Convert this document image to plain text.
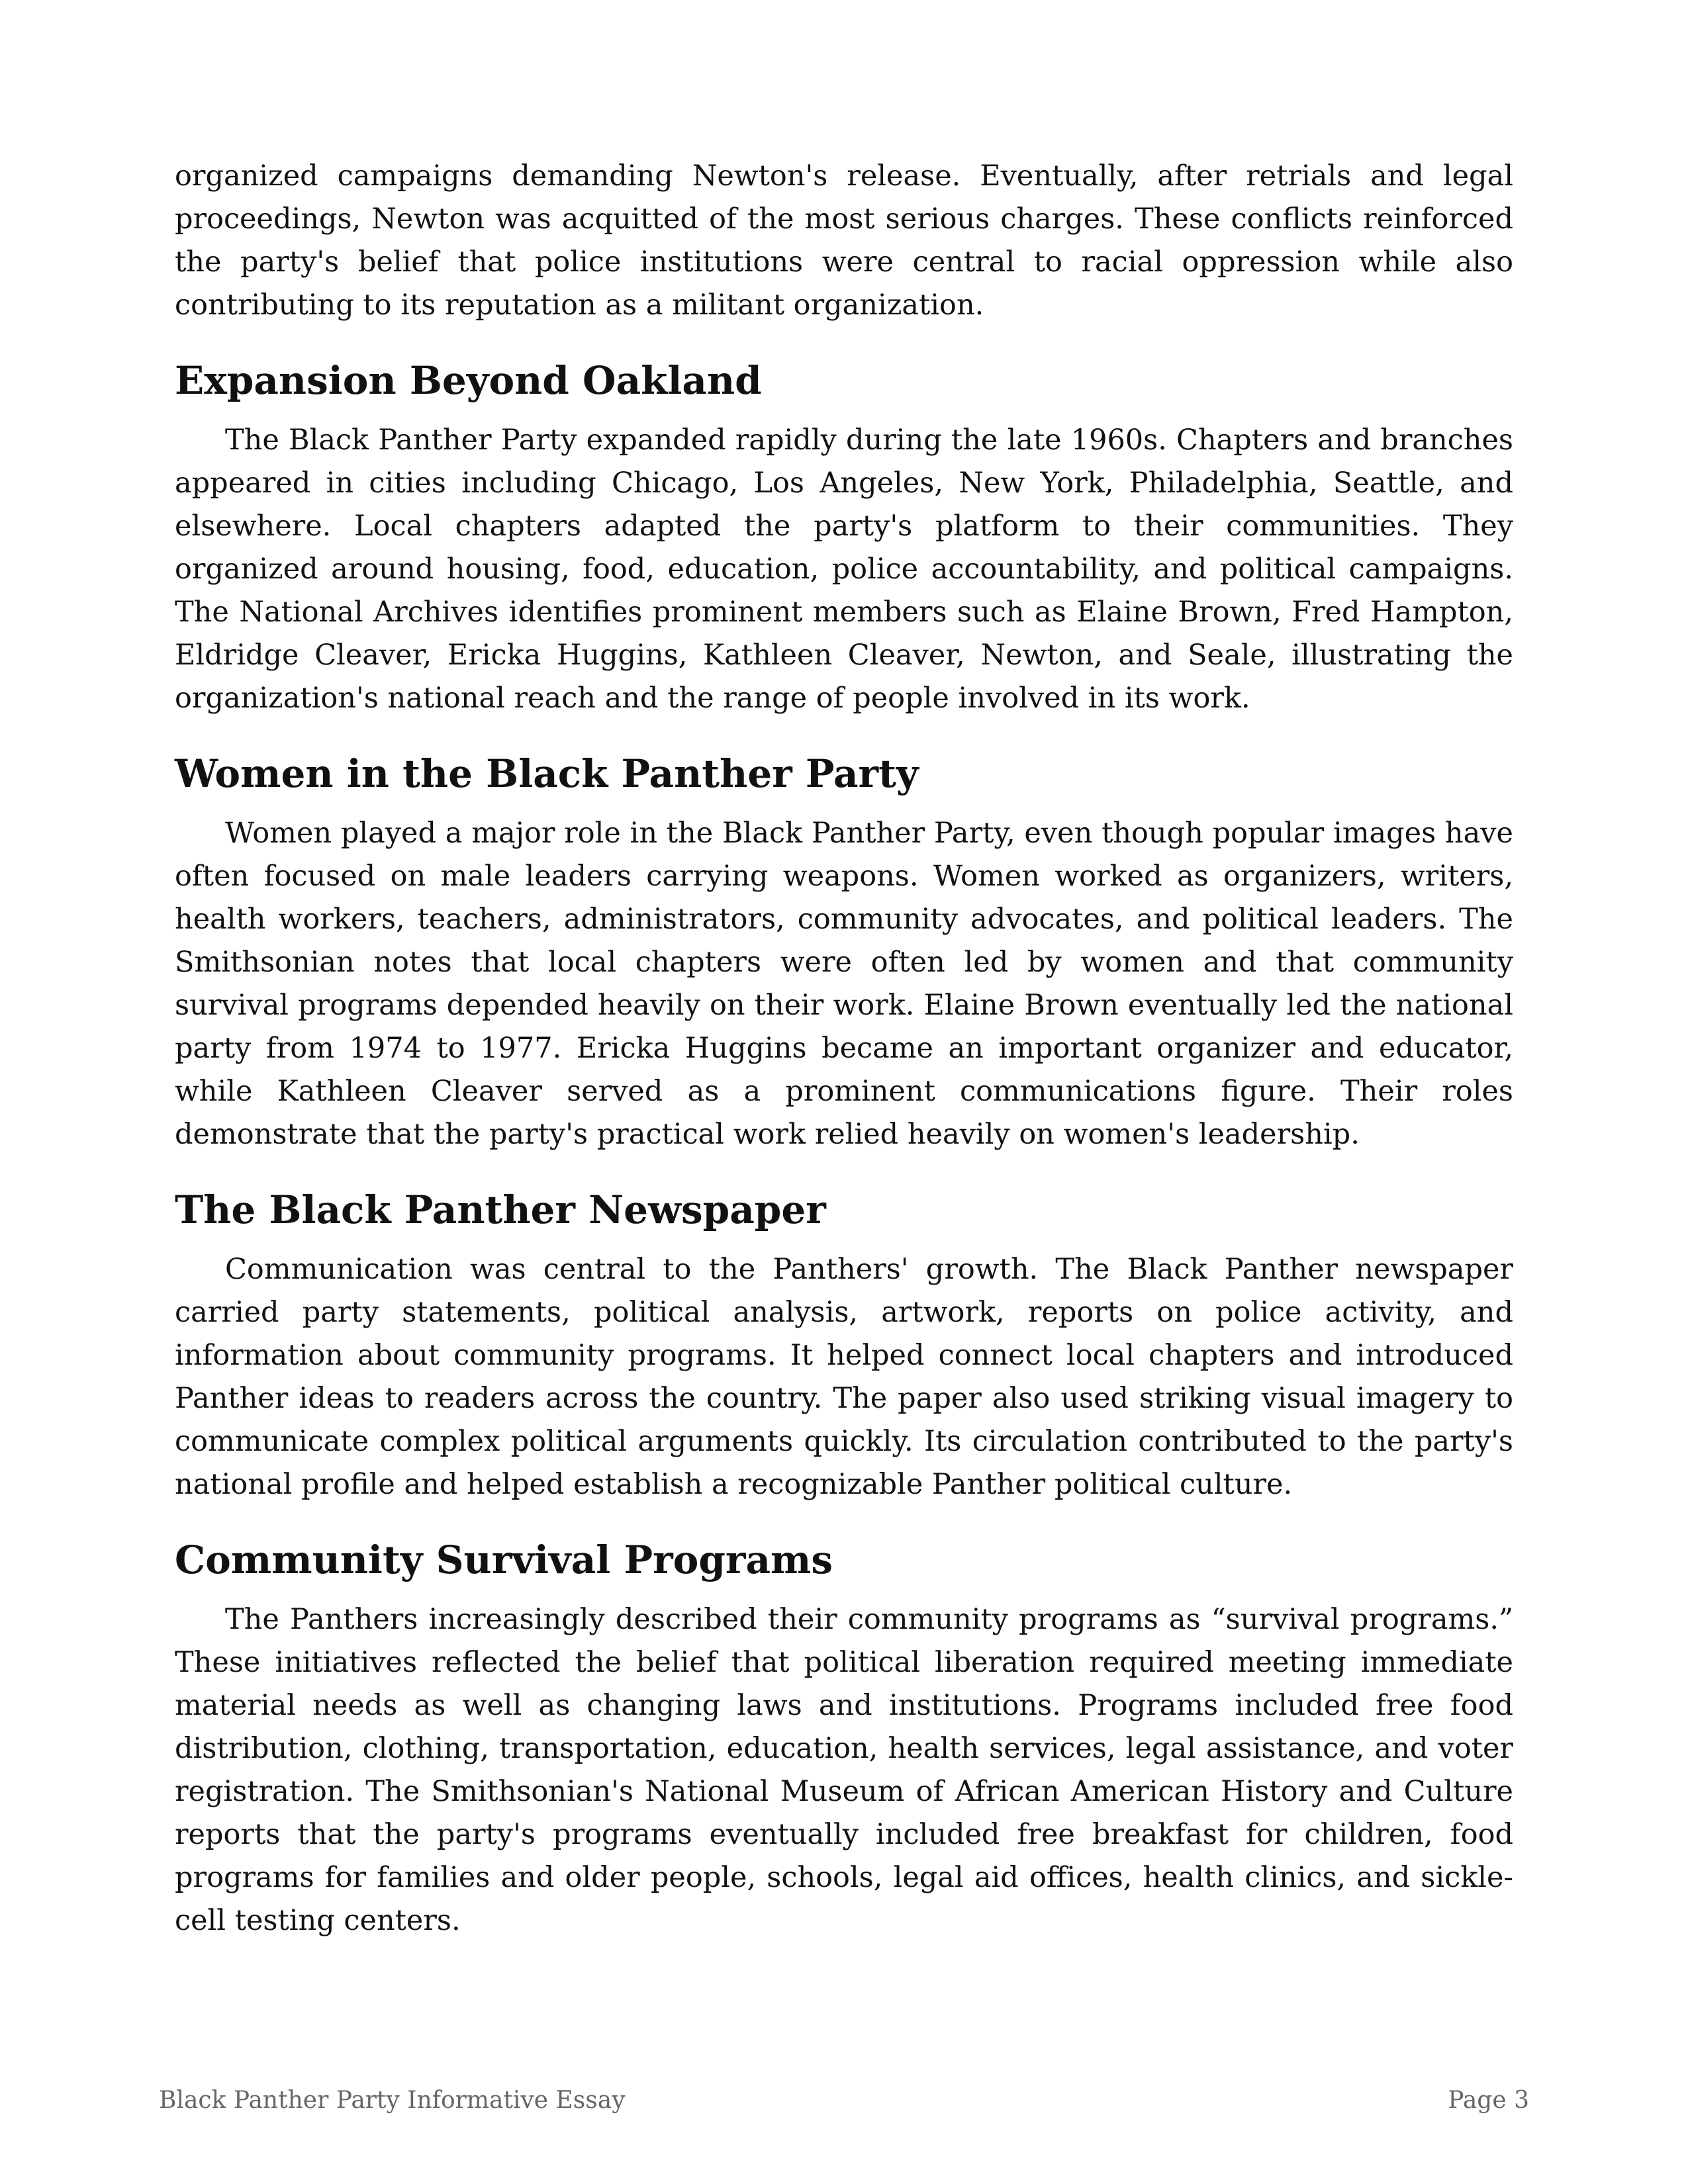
organized campaigns demanding Newton's release. Eventually, after retrials and legal proceedings, Newton was acquitted of the most serious charges. These conflicts reinforced the party's belief that police institutions were central to racial oppression while also contributing to its reputation as a militant organization.

Expansion Beyond Oakland

The Black Panther Party expanded rapidly during the late 1960s. Chapters and branches appeared in cities including Chicago, Los Angeles, New York, Philadelphia, Seattle, and elsewhere. Local chapters adapted the party's platform to their communities. They organized around housing, food, education, police accountability, and political campaigns. The National Archives identifies prominent members such as Elaine Brown, Fred Hampton, Eldridge Cleaver, Ericka Huggins, Kathleen Cleaver, Newton, and Seale, illustrating the organization's national reach and the range of people involved in its work.

Women in the Black Panther Party

Women played a major role in the Black Panther Party, even though popular images have often focused on male leaders carrying weapons. Women worked as organizers, writers, health workers, teachers, administrators, community advocates, and political leaders. The Smithsonian notes that local chapters were often led by women and that community survival programs depended heavily on their work. Elaine Brown eventually led the national party from 1974 to 1977. Ericka Huggins became an important organizer and educator, while Kathleen Cleaver served as a prominent communications figure. Their roles demonstrate that the party's practical work relied heavily on women's leadership.

The Black Panther Newspaper

Communication was central to the Panthers' growth. The Black Panther newspaper carried party statements, political analysis, artwork, reports on police activity, and information about community programs. It helped connect local chapters and introduced Panther ideas to readers across the country. The paper also used striking visual imagery to communicate complex political arguments quickly. Its circulation contributed to the party's national profile and helped establish a recognizable Panther political culture.

Community Survival Programs

The Panthers increasingly described their community programs as “survival programs.” These initiatives reflected the belief that political liberation required meeting immediate material needs as well as changing laws and institutions. Programs included free food distribution, clothing, transportation, education, health services, legal assistance, and voter registration. The Smithsonian's National Museum of African American History and Culture reports that the party's programs eventually included free breakfast for children, food programs for families and older people, schools, legal aid offices, health clinics, and sickle-cell testing centers.

Black Panther Party Informative Essay	Page 3
